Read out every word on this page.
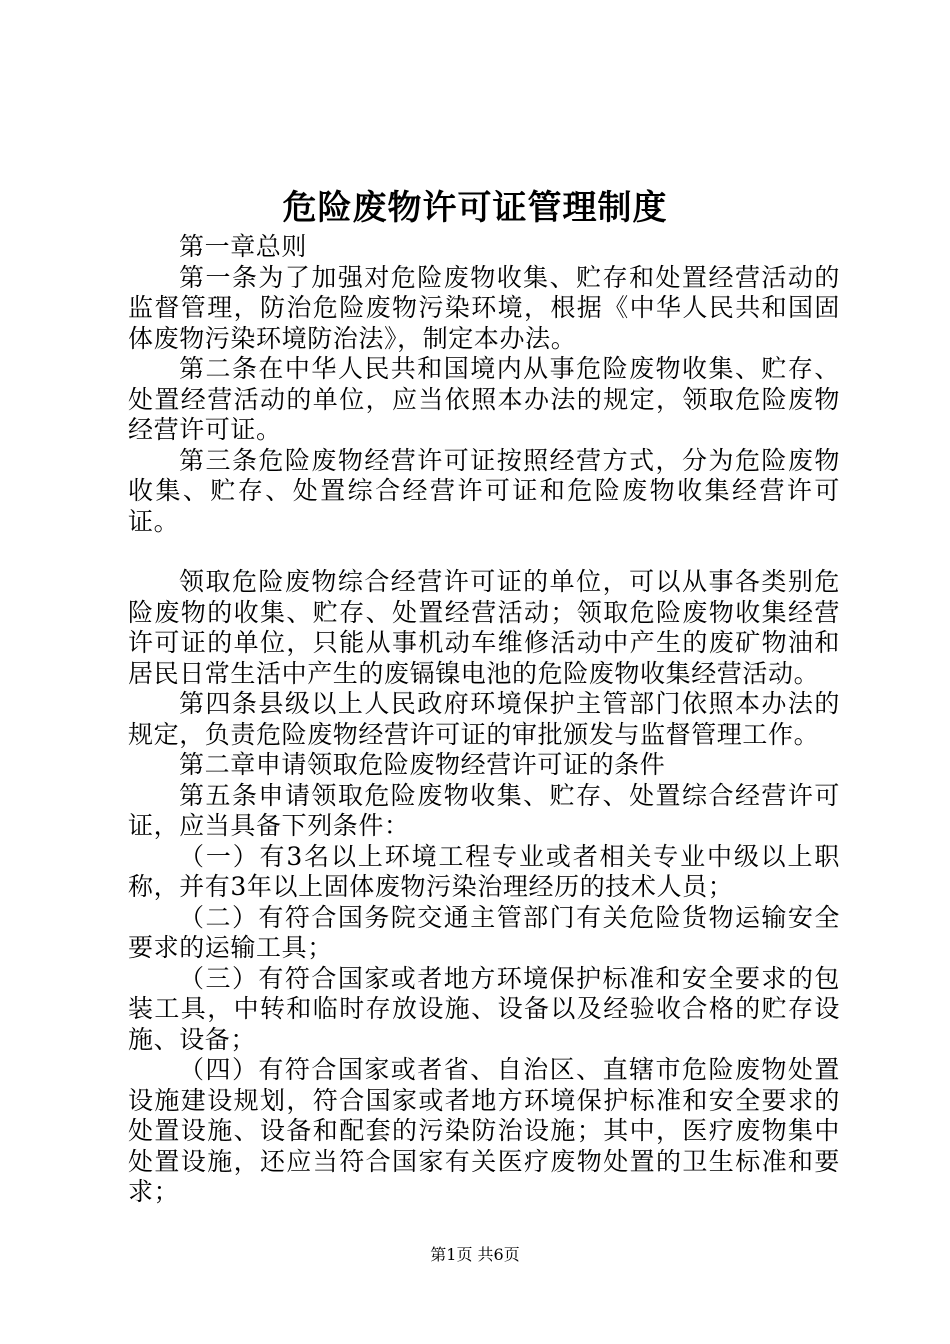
危险废物许可证管理制度

第一章总则

第一条为了加强对危险废物收集、贮存和处置经营活动的监督管理，防治危险废物污染环境，根据《中华人民共和国固体废物污染环境防治法》，制定本办法。

第二条在中华人民共和国境内从事危险废物收集、贮存、处置经营活动的单位，应当依照本办法的规定，领取危险废物经营许可证。

第三条危险废物经营许可证按照经营方式，分为危险废物收集、贮存、处置综合经营许可证和危险废物收集经营许可证。

领取危险废物综合经营许可证的单位，可以从事各类别危险废物的收集、贮存、处置经营活动；领取危险废物收集经营许可证的单位，只能从事机动车维修活动中产生的废矿物油和居民日常生活中产生的废镉镍电池的危险废物收集经营活动。

第四条县级以上人民政府环境保护主管部门依照本办法的规定，负责危险废物经营许可证的审批颁发与监督管理工作。

第二章申请领取危险废物经营许可证的条件

第五条申请领取危险废物收集、贮存、处置综合经营许可证，应当具备下列条件：

（一）有3名以上环境工程专业或者相关专业中级以上职称，并有3年以上固体废物污染治理经历的技术人员；

（二）有符合国务院交通主管部门有关危险货物运输安全要求的运输工具；

（三）有符合国家或者地方环境保护标准和安全要求的包装工具，中转和临时存放设施、设备以及经验收合格的贮存设施、设备；

（四）有符合国家或者省、自治区、直辖市危险废物处置设施建设规划，符合国家或者地方环境保护标准和安全要求的处置设施、设备和配套的污染防治设施；其中，医疗废物集中处置设施，还应当符合国家有关医疗废物处置的卫生标准和要求；

第1页 共6页
